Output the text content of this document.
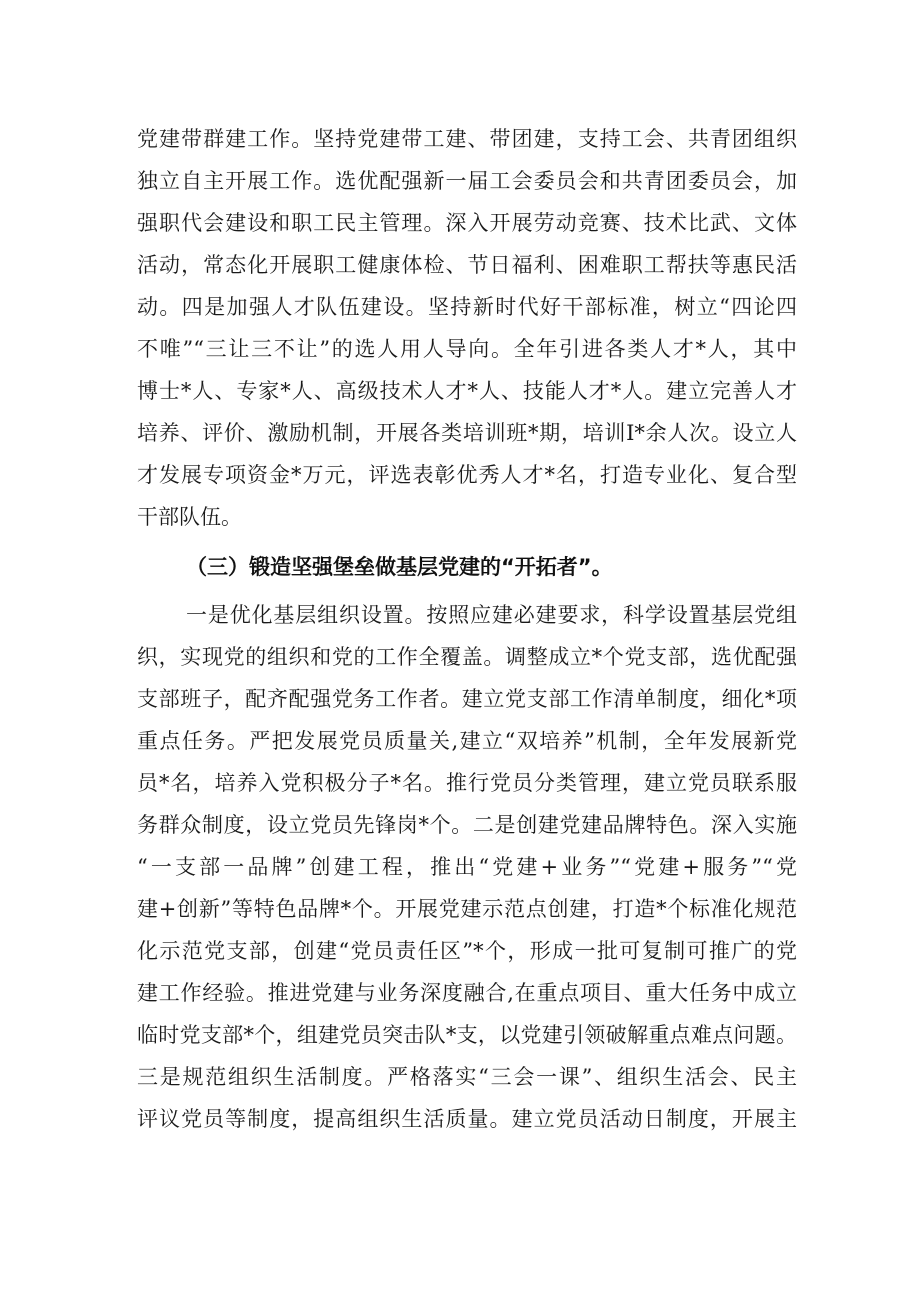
党建带群建工作。坚持党建带工建、带团建，支持工会、共青团组织
独立自主开展工作。选优配强新一届工会委员会和共青团委员会，加
强职代会建设和职工民主管理。深入开展劳动竞赛、技术比武、文体
活动，常态化开展职工健康体检、节日福利、困难职工帮扶等惠民活
动。四是加强人才队伍建设。坚持新时代好干部标准，树立“四论四
不唯”“三让三不让”的选人用人导向。全年引进各类人才*人，其中
博士*人、专家*人、高级技术人才*人、技能人才*人。建立完善人才
培养、评价、激励机制，开展各类培训班*期，培训I*余人次。设立人
才发展专项资金*万元，评选表彰优秀人才*名，打造专业化、复合型
干部队伍。
（三）锻造坚强堡垒做基层党建的“开拓者”。
一是优化基层组织设置。按照应建必建要求，科学设置基层党组
织，实现党的组织和党的工作全覆盖。调整成立*个党支部，选优配强
支部班子，配齐配强党务工作者。建立党支部工作清单制度，细化*项
重点任务。严把发展党员质量关,建立“双培养”机制，全年发展新党
员*名，培养入党积极分子*名。推行党员分类管理，建立党员联系服
务群众制度，设立党员先锋岗*个。二是创建党建品牌特色。深入实施
“一支部一品牌”创建工程，推出“党建+业务”“党建+服务”“党
建+创新”等特色品牌*个。开展党建示范点创建，打造*个标准化规范
化示范党支部，创建“党员责任区”*个，形成一批可复制可推广的党
建工作经验。推进党建与业务深度融合,在重点项目、重大任务中成立
临时党支部*个，组建党员突击队*支，以党建引领破解重点难点问题。
三是规范组织生活制度。严格落实“三会一课”、组织生活会、民主
评议党员等制度，提高组织生活质量。建立党员活动日制度，开展主
